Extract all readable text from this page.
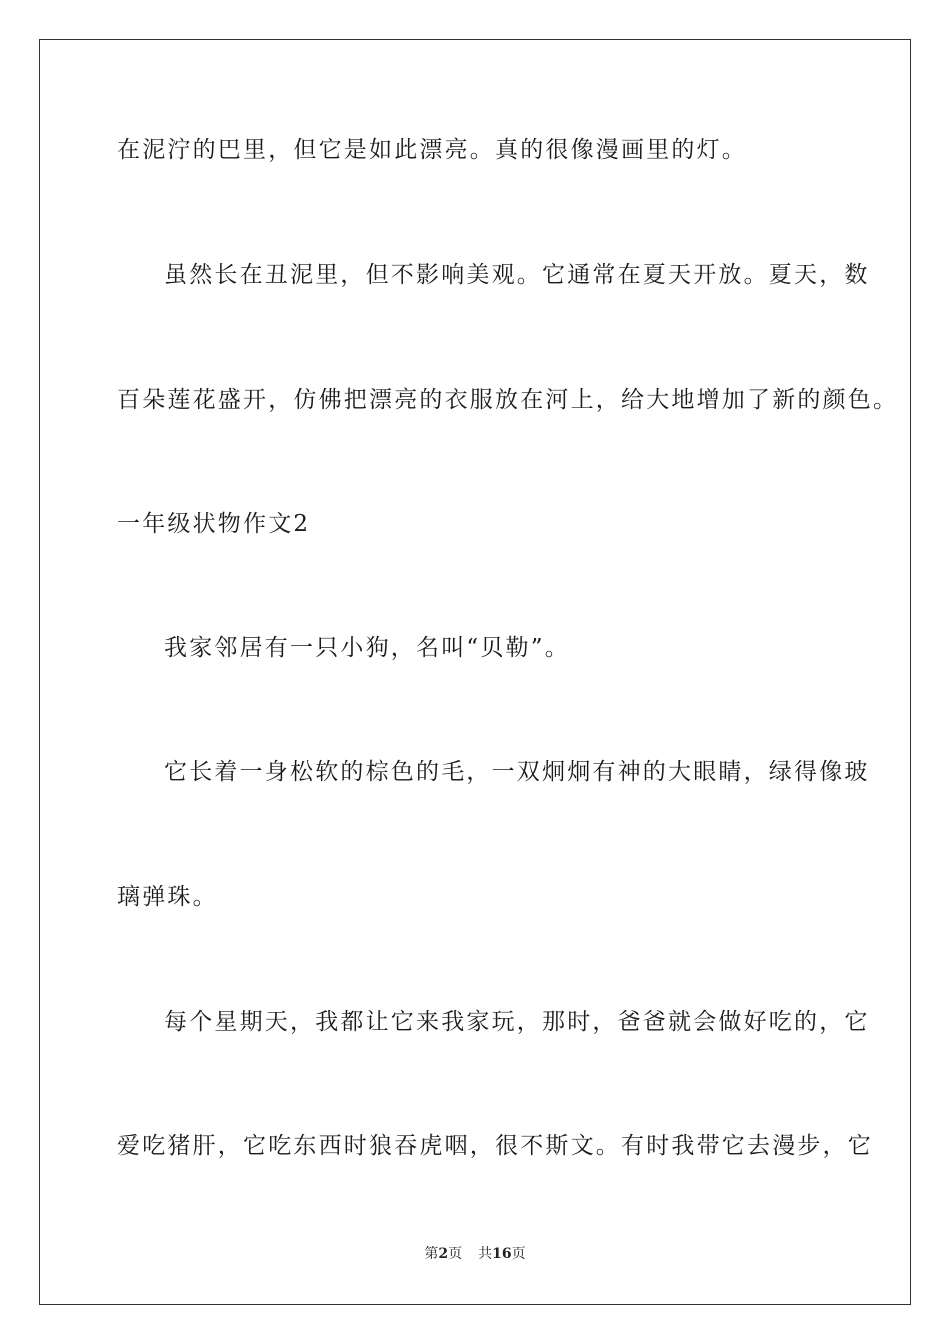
在泥泞的巴里，但它是如此漂亮。真的很像漫画里的灯。
虽然长在丑泥里，但不影响美观。它通常在夏天开放。夏天，数
百朵莲花盛开，仿佛把漂亮的衣服放在河上，给大地增加了新的颜色。
一年级状物作文2
我家邻居有一只小狗，名叫“贝勒”。
它长着一身松软的棕色的毛，一双炯炯有神的大眼睛，绿得像玻
璃弹珠。
每个星期天，我都让它来我家玩，那时，爸爸就会做好吃的，它
爱吃猪肝，它吃东西时狼吞虎咽，很不斯文。有时我带它去漫步，它
第2页 共16页
